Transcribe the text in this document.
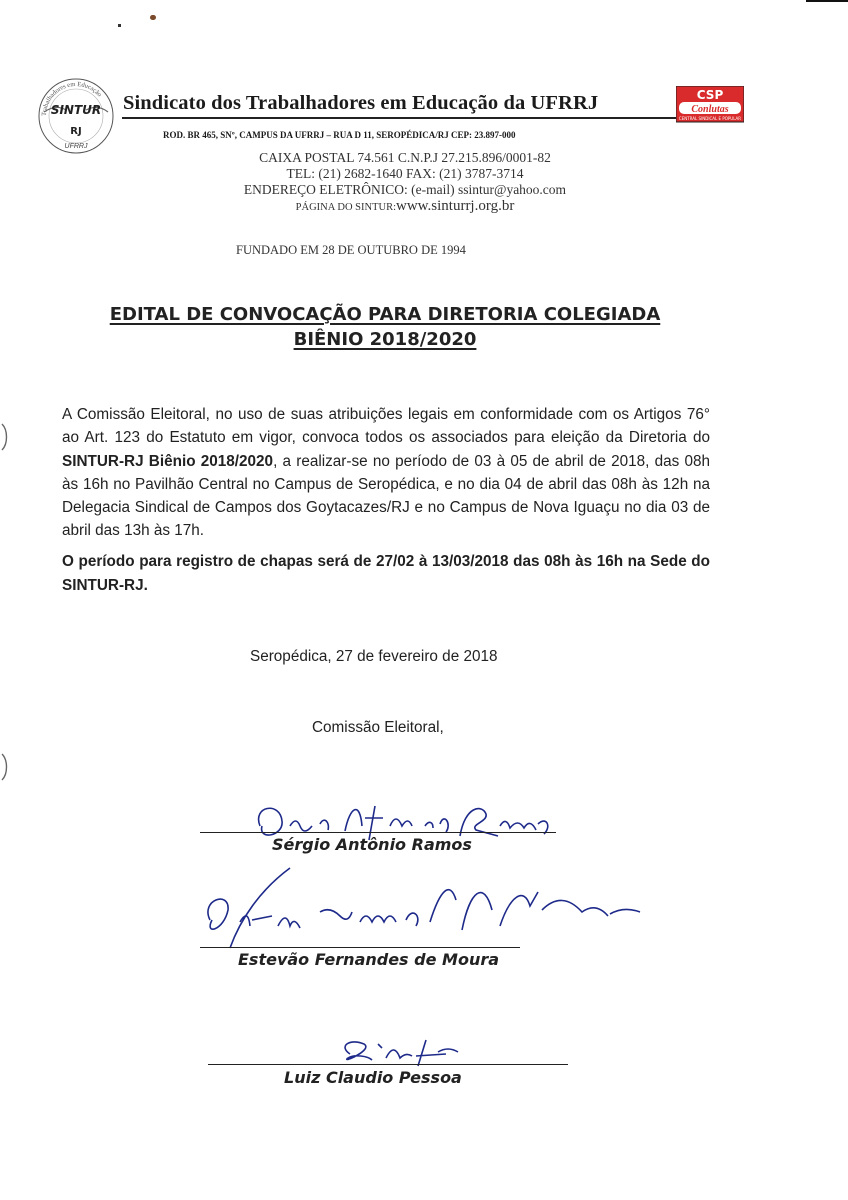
Trabalhadores em Educação
SINTUR
RJ
UFRRJ
Sindicato dos Trabalhadores em Educação da UFRRJ	CSP
Conlutas
CENTRAL SINDICAL E POPULAR
ROD. BR 465, SNº, CAMPUS DA UFRRJ – RUA D 11, SEROPÉDICA/RJ CEP: 23.897-000
CAIXA POSTAL 74.561 C.N.P.J 27.215.896/0001-82
TEL: (21) 2682-1640 FAX: (21) 3787-3714
ENDEREÇO ELETRÔNICO: (e-mail) ssintur@yahoo.com
PÁGINA DO SINTUR:www.sinturrj.org.br
FUNDADO EM 28 DE OUTUBRO DE 1994
EDITAL DE CONVOCAÇÃO PARA DIRETORIA COLEGIADA
BIÊNIO 2018/2020
A Comissão Eleitoral, no uso de suas atribuições legais em conformidade com os Artigos 76° ao Art. 123 do Estatuto em vigor, convoca todos os associados para eleição da Diretoria do SINTUR-RJ Biênio 2018/2020, a realizar-se no período de 03 à 05 de abril de 2018, das 08h às 16h no Pavilhão Central no Campus de Seropédica, e no dia 04 de abril das 08h às 12h na Delegacia Sindical de Campos dos Goytacazes/RJ e no Campus de Nova Iguaçu no dia 03 de abril das 13h às 17h.
O período para registro de chapas será de 27/02 à 13/03/2018 das 08h às 16h na Sede do SINTUR-RJ.
Seropédica, 27 de fevereiro de 2018
Comissão Eleitoral,
Sérgio Antônio Ramos
Estevão Fernandes de Moura
Luiz Claudio Pessoa
